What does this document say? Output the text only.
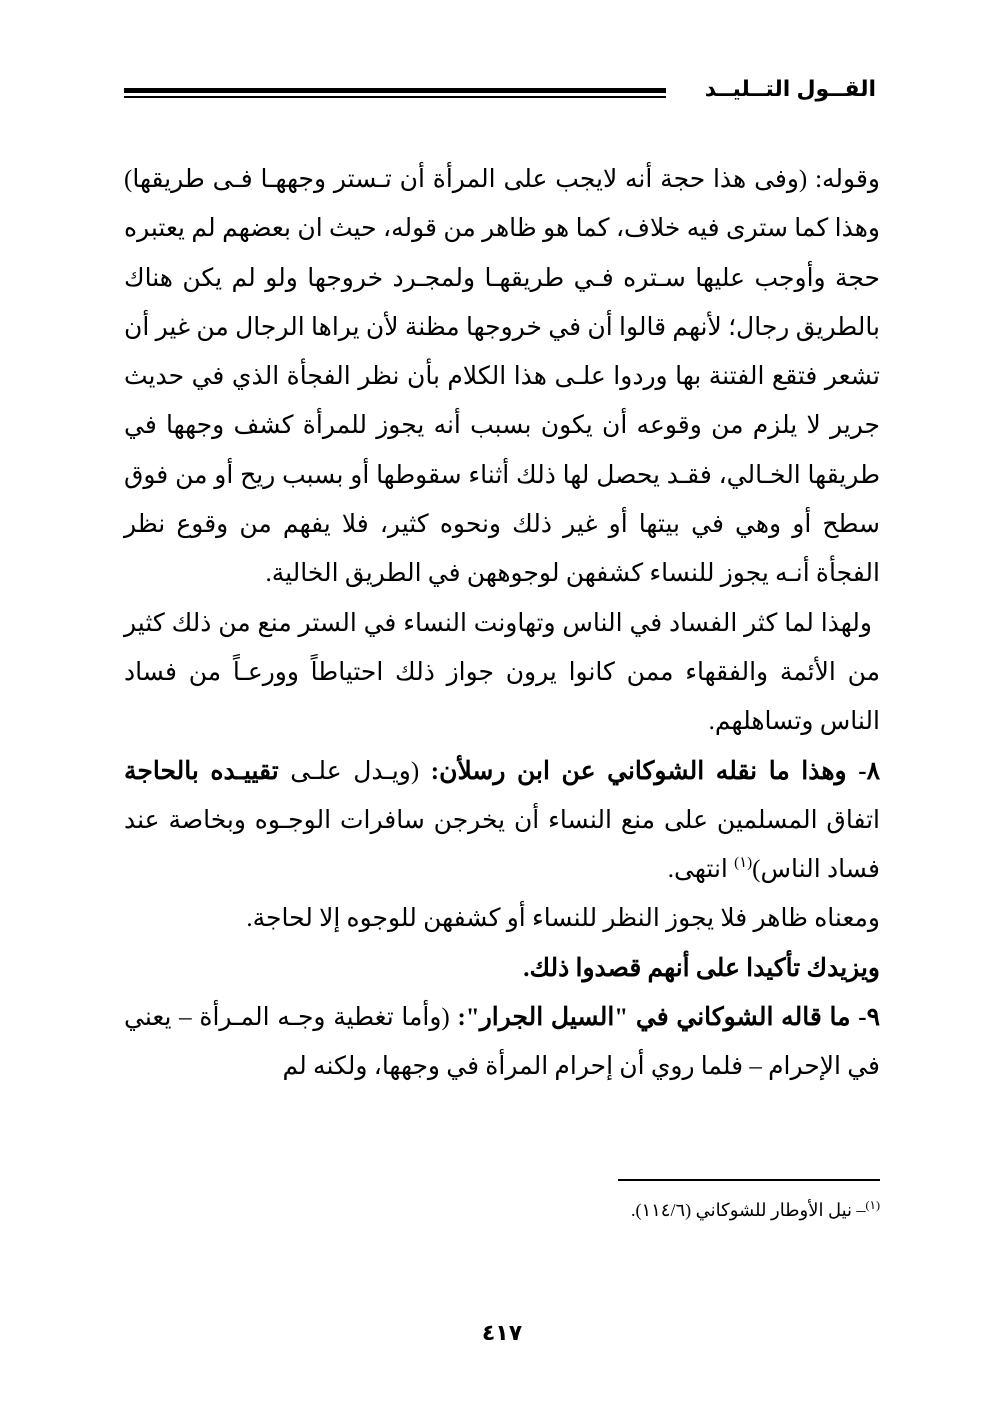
القــول التــليــد

وقوله: (وفى هذا حجة أنه لايجب على المرأة أن تـستر وجههـا فـى طريقها) وهذا كما سترى فيه خلاف، كما هو ظاهر من قوله، حيث ان بعضهم لم يعتبره حجة وأوجب عليها سـتره فـي طريقهـا ولمجـرد خروجها ولو لم يكن هناك بالطريق رجال؛ لأنهم قالوا أن في خروجها مظنة لأن يراها الرجال من غير أن تشعر فتقع الفتنة بها وردوا علـى هذا الكلام بأن نظر الفجأة الذي في حديث جرير لا يلزم من وقوعه أن يكون بسبب أنه يجوز للمرأة كشف وجهها في طريقها الخـالي، فقـد يحصل لها ذلك أثناء سقوطها أو بسبب ريح أو من فوق سطح أو وهي في بيتها أو غير ذلك ونحوه كثير، فلا يفهم من وقوع نظر الفجأة أنـه يجوز للنساء كشفهن لوجوههن في الطريق الخالية.

ولهذا لما كثر الفساد في الناس وتهاونت النساء في الستر منع من ذلك كثير من الأئمة والفقهاء ممن كانوا يرون جواز ذلك احتياطاً وورعـاً من فساد الناس وتساهلهم.

٨- وهذا ما نقله الشوكاني عن ابن رسلأن: (ويـدل علـى تقييـده بالحاجة اتفاق المسلمين على منع النساء أن يخرجن سافرات الوجـوه وبخاصة عند فساد الناس)$^{(١)}$ انتهى.

ومعناه ظاهر فلا يجوز النظر للنساء أو كشفهن للوجوه إلا لحاجة.

ويزيدك تأكيدا على أنهم قصدوا ذلك.

٩- ما قاله الشوكاني في "السيل الجرار": (وأما تغطية وجـه المـرأة – يعني في الإحرام – فلما روي أن إحرام المرأة في وجهها، ولكنه لم

$^{(١)}$– نيل الأوطار للشوكاني (١١٤/٦).
٤١٧
